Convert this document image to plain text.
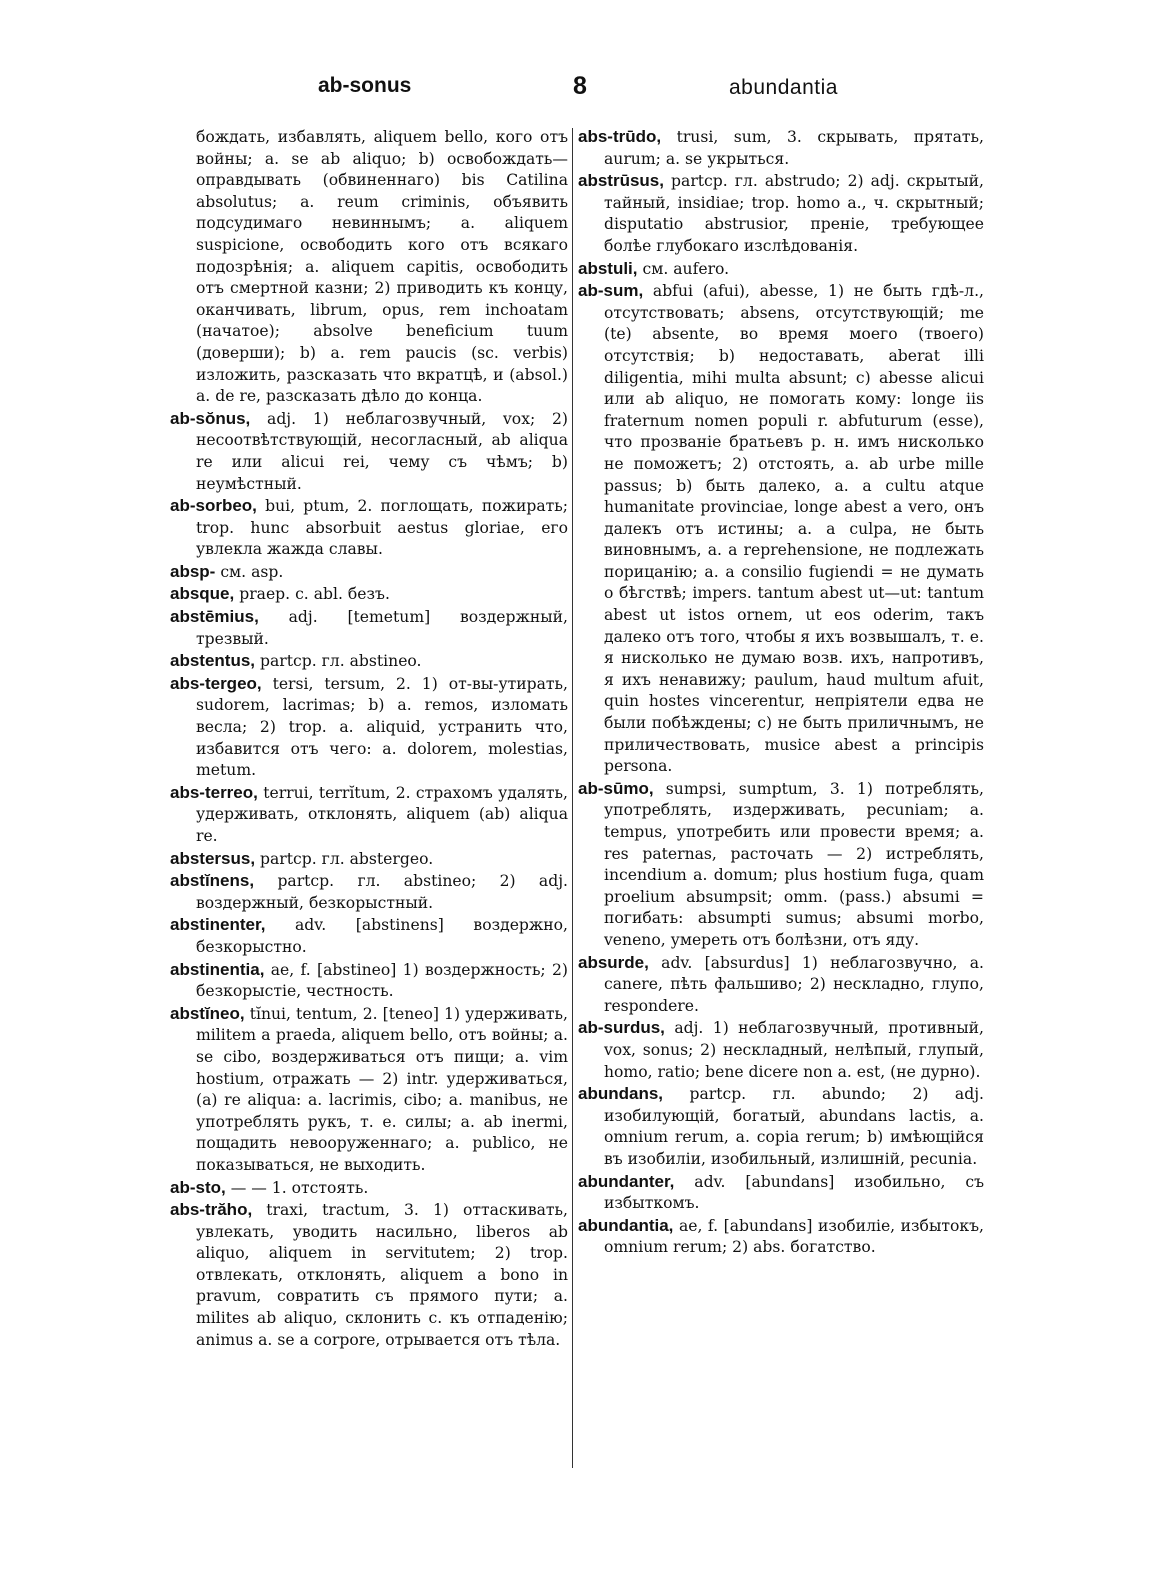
ab-sonus	8	abundantia

бождать, избавлять, aliquem bello, кого отъ войны; a. se ab aliquo; b) освобождать—оправдывать (обвиненнаго) bis Catilina absolutus; a. reum criminis, объявить подсудимаго невиннымъ; a. aliquem suspicione, освободить кого отъ всякаго подозрѣнія; a. aliquem capitis, освободить отъ смертной казни; 2) приводить къ концу, оканчивать, librum, opus, rem inchoatam (начатое); absolve beneficium tuum (доверши); b) a. rem paucis (sc. verbis) изложить, разсказать что вкратцѣ, и (absol.) a. de re, разсказать дѣло до конца.

ab-sŏnus, adj. 1) неблагозвучный, vox; 2) несоотвѣтствующій, несогласный, ab aliqua re или alicui rei, чему съ чѣмъ; b) неумѣстный.

ab-sorbeo, bui, ptum, 2. поглощать, пожирать; trop. hunc absorbuit aestus gloriae, его увлекла жажда славы.

absp- см. asp.

absque, praep. c. abl. безъ.

abstēmius, adj. [temetum] воздержный, трезвый.

abstentus, partcp. гл. abstineo.

abs-tergeo, tersi, tersum, 2. 1) от-вы-утирать, sudorem, lacrimas; b) a. remos, изломать весла; 2) trop. a. aliquid, устранить что, избавится отъ чего: a. dolorem, molestias, metum.

abs-terreo, terrui, terrĭtum, 2. страхомъ удалять, удерживать, отклонять, aliquem (ab) aliqua re.

abstersus, partcp. гл. abstergeo.

abstĭnens, partcp. гл. abstineo; 2) adj. воздержный, безкорыстный.

abstinenter, adv. [abstinens] воздержно, безкорыстно.

abstinentia, ae, f. [abstineo] 1) воздержность; 2) безкорыстіе, честность.

abstĭneo, tĭnui, tentum, 2. [teneo] 1) удерживать, militem a praeda, aliquem bello, отъ войны; a. se cibo, воздерживаться отъ пищи; a. vim hostium, отражать — 2) intr. удерживаться, (a) re aliqua: a. lacrimis, cibo; a. manibus, не употреблять рукъ, т. е. силы; a. ab inermi, пощадить невооруженнаго; a. publico, не показываться, не выходить.

ab-sto, — — 1. отстоять.

abs-trăho, traxi, tractum, 3. 1) оттаскивать, увлекать, уводить насильно, liberos ab aliquo, aliquem in servitutem; 2) trop. отвлекать, отклонять, aliquem a bono in pravum, совратить съ прямого пути; a. milites ab aliquo, склонить с. къ отпаденію; animus a. se a corpore, отрывается отъ тѣла.

abs-trūdo, trusi, sum, 3. скрывать, прятать, aurum; a. se укрыться.

abstrūsus, partcp. гл. abstrudo; 2) adj. скрытый, тайный, insidiae; trop. homo a., ч. скрытный; disputatio abstrusior, преніе, требующее болѣе глубокаго изслѣдованія.

abstuli, см. aufero.

ab-sum, abfui (afui), abesse, 1) не быть гдѣ-л., отсутствовать; absens, отсутствующій; me (te) absente, во время моего (твоего) отсутствія; b) недоставать, aberat illi diligentia, mihi multa absunt; c) abesse alicui или ab aliquo, не помогать кому: longe iis fraternum nomen populi r. abfuturum (esse), что прозваніе братьевъ р. н. имъ нисколько не поможетъ; 2) отстоять, a. ab urbe mille passus; b) быть далеко, a. a cultu atque humanitate provinciae, longe abest a vero, онъ далекъ отъ истины; a. a culpa, не быть виновнымъ, a. a reprehensione, не подлежать порицанію; a. a consilio fugiendi = не думать о бѣгствѣ; impers. tantum abest ut—ut: tantum abest ut istos ornem, ut eos oderim, такъ далеко отъ того, чтобы я ихъ возвышалъ, т. е. я нисколько не думаю возв. ихъ, напротивъ, я ихъ ненавижу; paulum, haud multum afuit, quin hostes vincerentur, непріятели едва не были побѣждены; c) не быть приличнымъ, не приличествовать, musice abest a principis persona.

ab-sūmo, sumpsi, sumptum, 3. 1) потреблять, употреблять, издерживать, pecuniam; a. tempus, употребить или провести время; a. res paternas, расточать — 2) истреблять, incendium a. domum; plus hostium fuga, quam proelium absumpsit; omm. (pass.) absumi = погибать: absumpti sumus; absumi morbo, veneno, умереть отъ болѣзни, отъ яду.

absurde, adv. [absurdus] 1) неблагозвучно, a. canere, пѣть фальшиво; 2) нескладно, глупо, respondere.

ab-surdus, adj. 1) неблагозвучный, противный, vox, sonus; 2) нескладный, нелѣпый, глупый, homo, ratio; bene dicere non a. est, (не дурно).

abundans, partcp. гл. abundo; 2) adj. изобилующій, богатый, abundans lactis, a. omnium rerum, a. copia rerum; b) имѣющійся въ изобиліи, изобильный, излишній, pecunia.

abundanter, adv. [abundans] изобильно, съ избыткомъ.

abundantia, ae, f. [abundans] изобиліе, избытокъ, omnium rerum; 2) abs. богатство.
